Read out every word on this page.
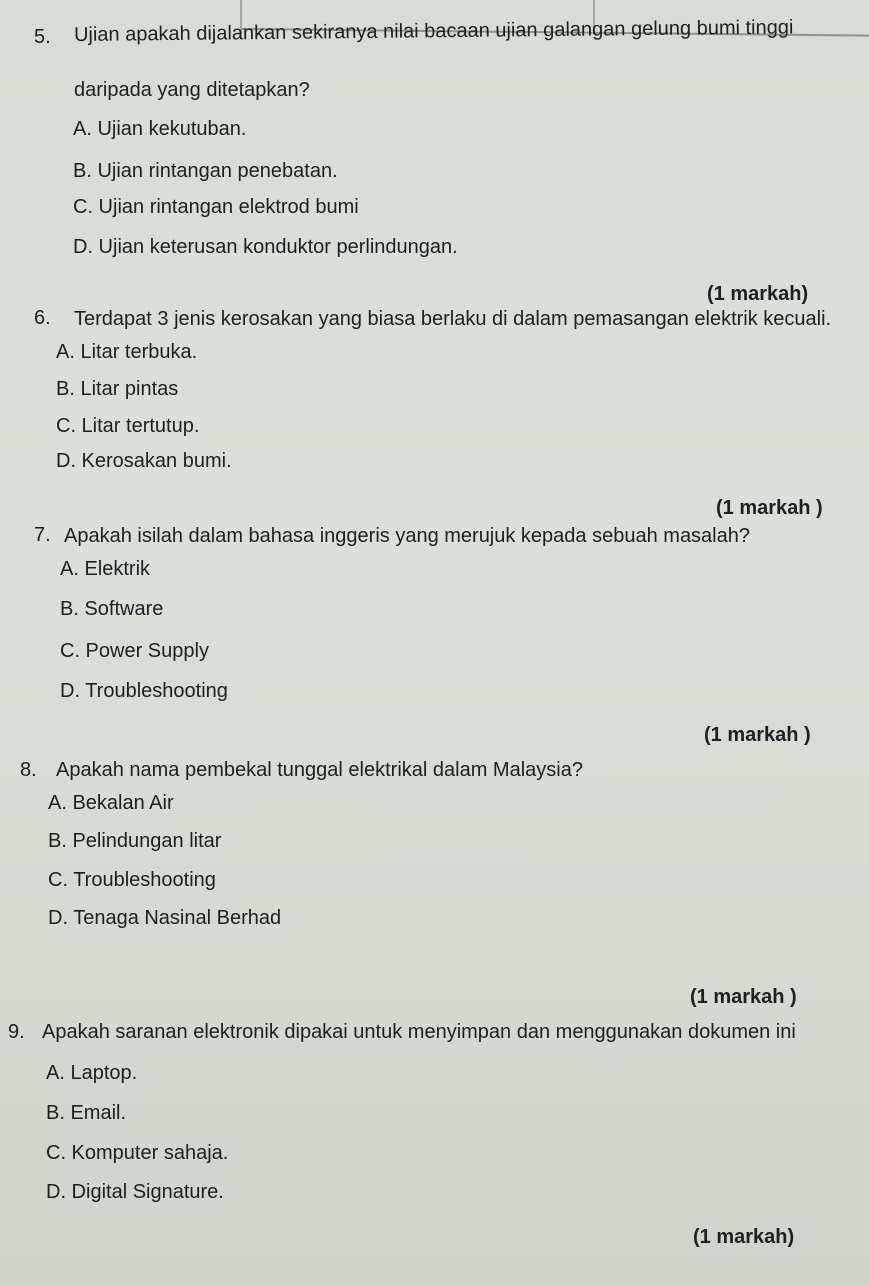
5. Ujian apakah dijalankan sekiranya nilai bacaan ujian galangan gelung bumi tinggi
daripada yang ditetapkan?
A. Ujian kekutuban.
B. Ujian rintangan penebatan.
C. Ujian rintangan elektrod bumi
D. Ujian keterusan konduktor perlindungan.
(1 markah)
6. Terdapat 3 jenis kerosakan yang biasa berlaku di dalam pemasangan elektrik kecuali.
A. Litar terbuka.
B. Litar pintas
C. Litar tertutup.
D. Kerosakan bumi.
(1 markah )
7. Apakah isilah dalam bahasa inggeris yang merujuk kepada sebuah masalah?
A. Elektrik
B. Software
C. Power Supply
D. Troubleshooting
(1 markah )
8. Apakah nama pembekal tunggal elektrikal dalam Malaysia?
A. Bekalan Air
B. Pelindungan litar
C. Troubleshooting
D. Tenaga Nasinal Berhad
(1 markah )
9. Apakah saranan elektronik dipakai untuk menyimpan dan menggunakan dokumen ini
A. Laptop.
B. Email.
C. Komputer sahaja.
D. Digital Signature.
(1 markah)
